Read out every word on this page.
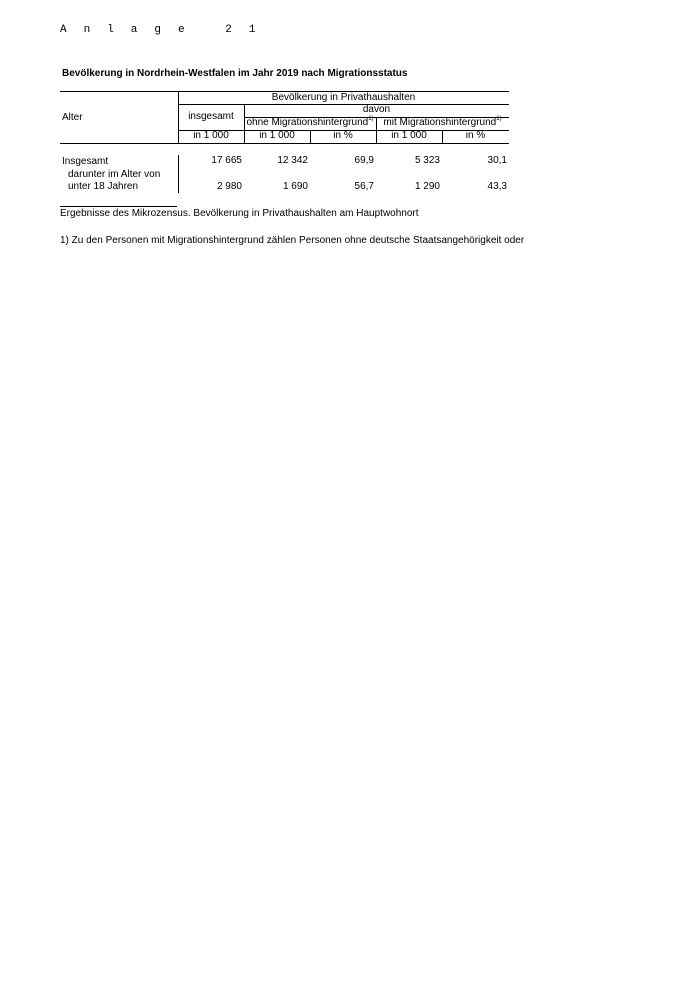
A n l a g e   2 1
Bevölkerung in Nordrhein-Westfalen im Jahr 2019 nach Migrationsstatus
Alter
Bevölkerung in Privathaushalten
insgesamt
davon
ohne Migrationshintergrund$^{1)}$ mit Migrationshintergrund$^{1)}$
in 1 000	in 1 000	in %	in 1 000	in %
Insgesamt	17 665	12 342	69,9	5 323	30,1
darunter im Alter von
unter 18 Jahren	2 980	1 690	56,7	1 290	43,3
Ergebnisse des Mikrozensus. Bevölkerung in Privathaushalten am Hauptwohnort
1) Zu den Personen mit Migrationshintergrund zählen Personen ohne deutsche Staatsangehörigkeit oder
